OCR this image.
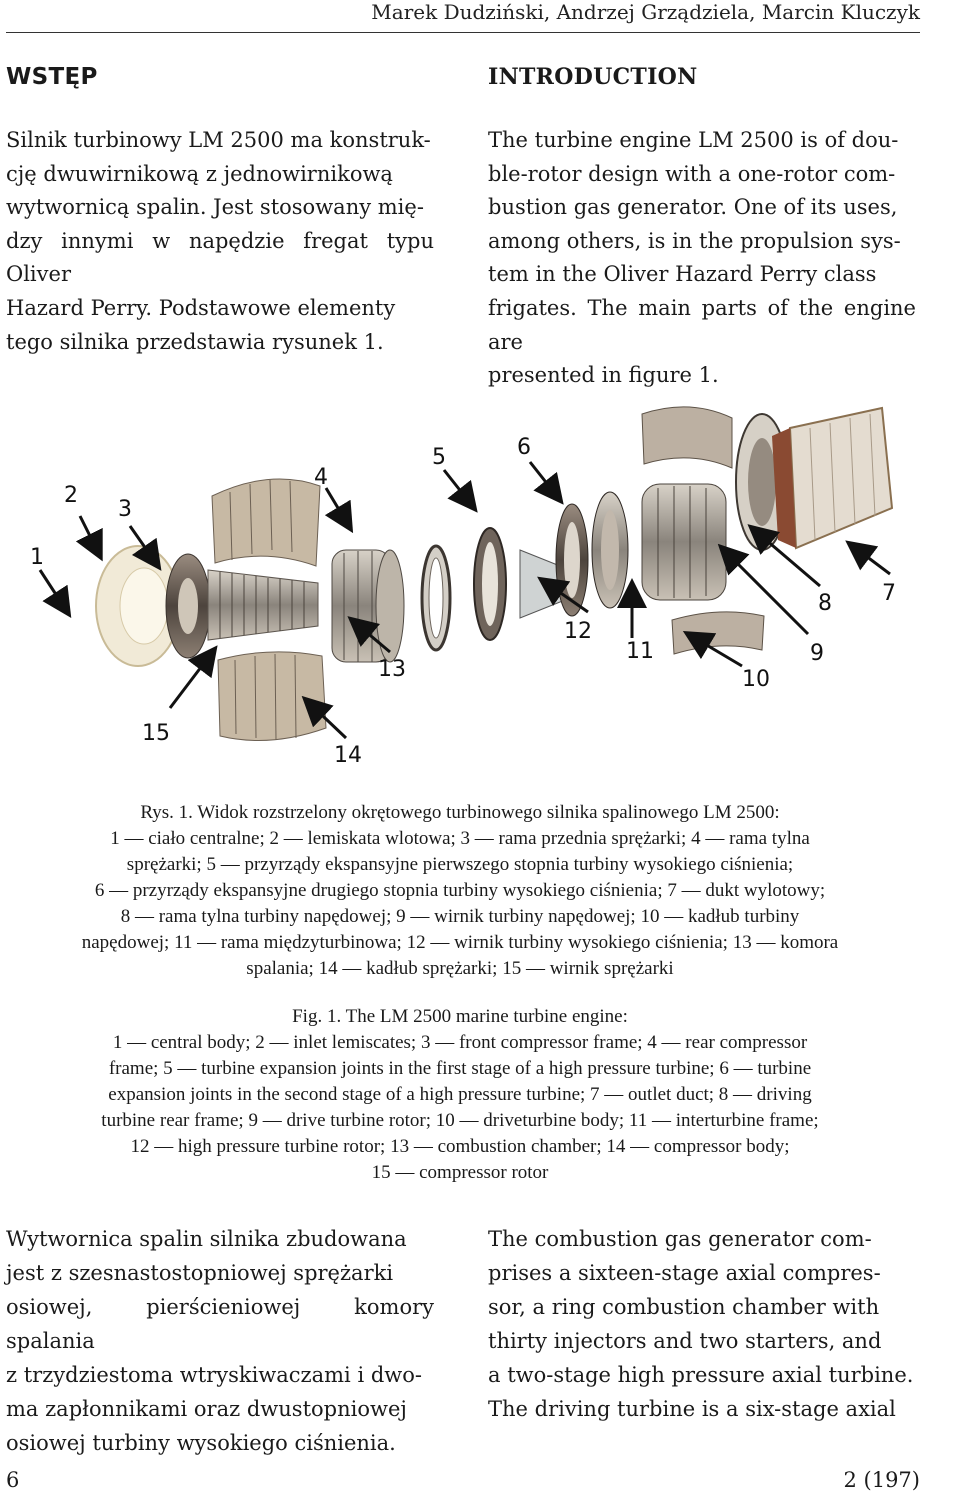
Marek Dudziński, Andrzej Grządziela, Marcin Kluczyk
WSTĘP
Silnik turbinowy LM 2500 ma konstruk-
cję dwuwirnikową z jednowirnikową
wytwornicą spalin. Jest stosowany mię-
dzy innymi w napędzie fregat typu Oliver
Hazard Perry. Podstawowe elementy
tego silnika przedstawia rysunek 1.
INTRODUCTION
The turbine engine LM 2500 is of dou-
ble-rotor design with a one-rotor com-
bustion gas generator. One of its uses,
among others, is in the propulsion sys-
tem in the Oliver Hazard Perry class
frigates. The main parts of the engine are
presented in figure 1.
1
2
3
4
5	6
7
8
9
10
11
12
13
14
15
Rys. 1. Widok rozstrzelony okrętowego turbinowego silnika spalinowego LM 2500:
1 — ciało centralne; 2 — lemiskata wlotowa; 3 — rama przednia sprężarki; 4 — rama tylna
sprężarki; 5 — przyrządy ekspansyjne pierwszego stopnia turbiny wysokiego ciśnienia;
6 — przyrządy ekspansyjne drugiego stopnia turbiny wysokiego ciśnienia; 7 — dukt wylotowy;
8 — rama tylna turbiny napędowej; 9 — wirnik turbiny napędowej; 10 — kadłub turbiny
napędowej; 11 — rama międzyturbinowa; 12 — wirnik turbiny wysokiego ciśnienia; 13 — komora
spalania; 14 — kadłub sprężarki; 15 — wirnik sprężarki
Fig. 1. The LM 2500 marine turbine engine:
1 — central body; 2 — inlet lemiscates; 3 — front compressor frame; 4 — rear compressor
frame; 5 — turbine expansion joints in the first stage of a high pressure turbine; 6 — turbine
expansion joints in the second stage of a high pressure turbine; 7 — outlet duct; 8 — driving
turbine rear frame; 9 — drive turbine rotor; 10 — driveturbine body; 11 — interturbine frame;
12 — high pressure turbine rotor; 13 — combustion chamber; 14 — compressor body;
15 — compressor rotor
Wytwornica spalin silnika zbudowana
jest z szesnastostopniowej sprężarki
osiowej, pierścieniowej komory spalania
z trzydziestoma wtryskiwaczami i dwo-
ma zapłonnikami oraz dwustopniowej
osiowej turbiny wysokiego ciśnienia.
The combustion gas generator com-
prises a sixteen-stage axial compres-
sor, a ring combustion chamber with
thirty injectors and two starters, and
a two-stage high pressure axial turbine.
The driving turbine is a six-stage axial
6	2 (197)
